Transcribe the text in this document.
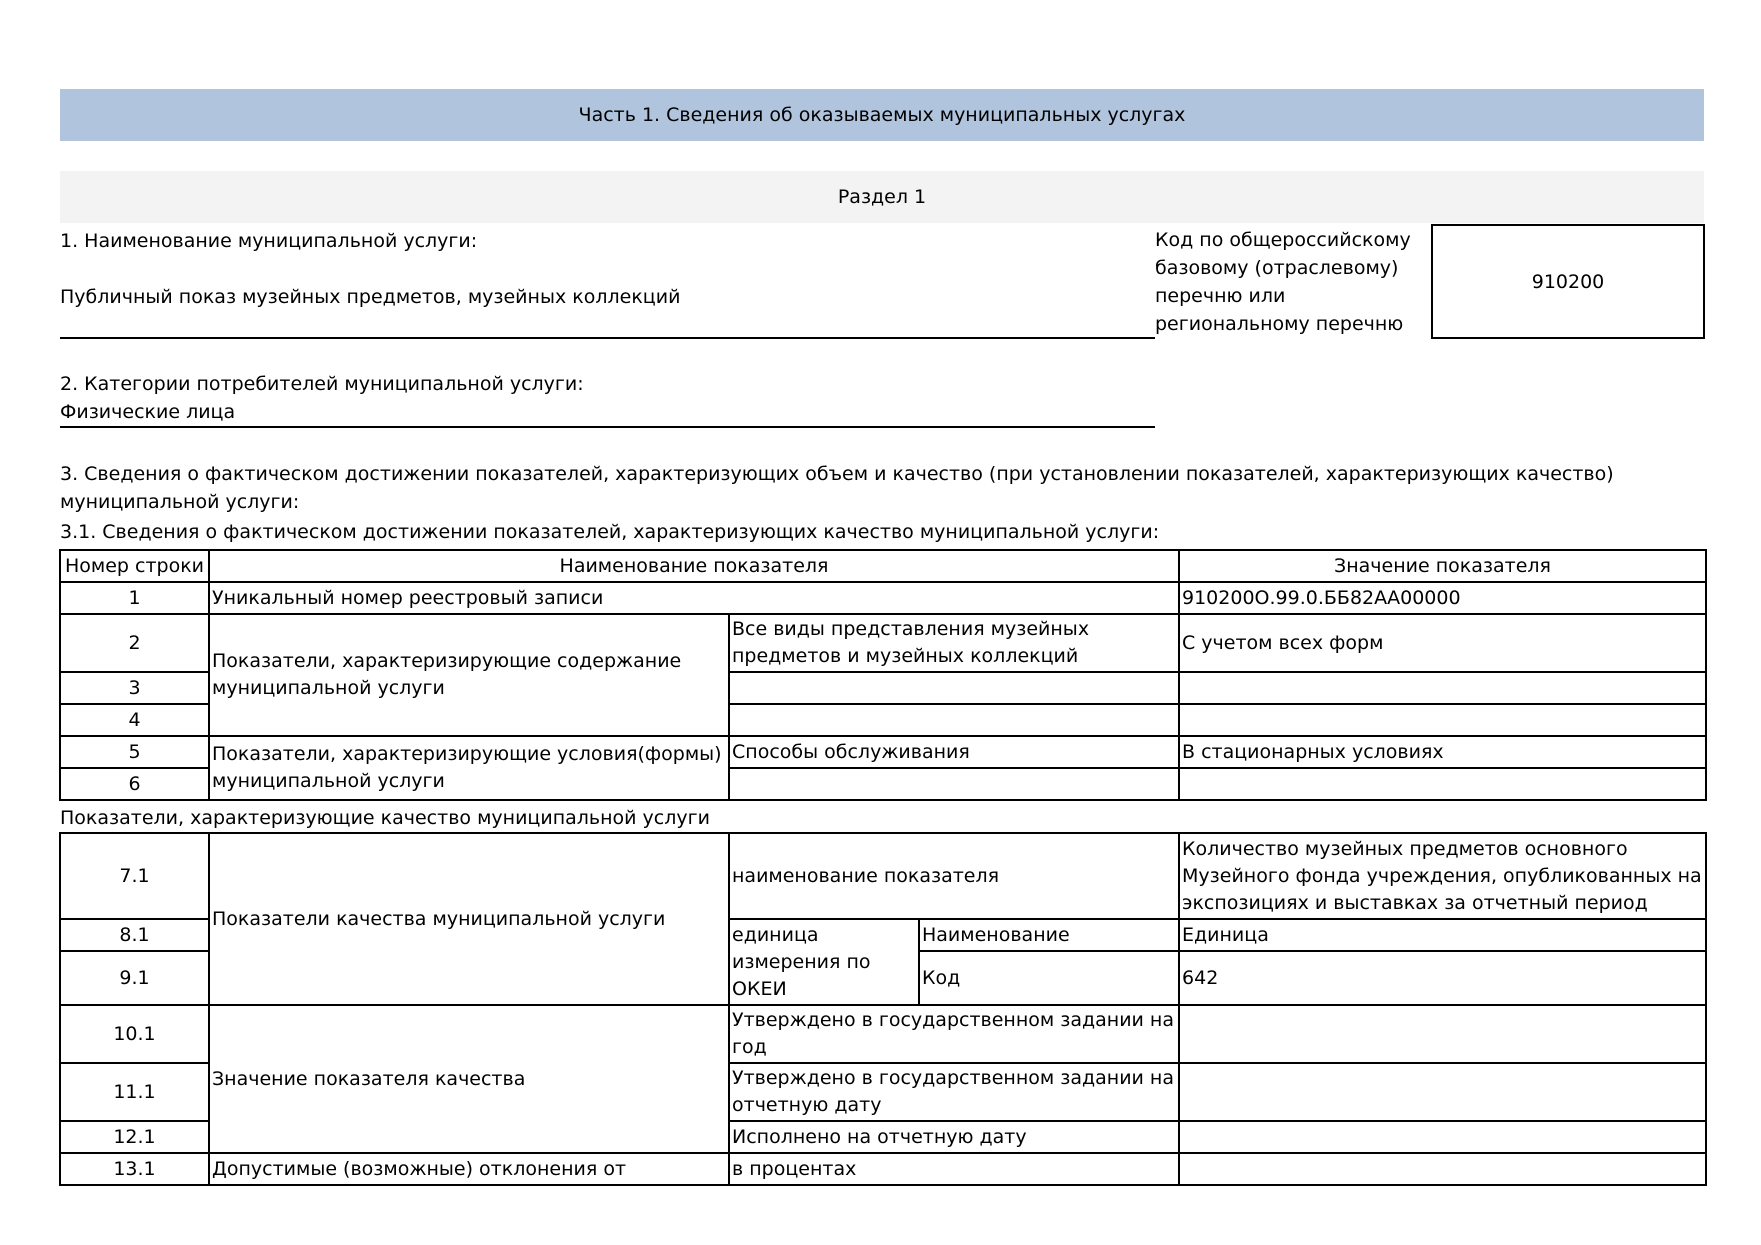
Часть 1. Сведения об оказываемых муниципальных услугах
Раздел 1
1. Наименование муниципальной услуги:
Публичный показ музейных предметов, музейных коллекций
Код по общероссийскому базовому (отраслевому) перечню или региональному перечню
910200
2. Категории потребителей муниципальной услуги:
Физические лица
3. Сведения о фактическом достижении показателей, характеризующих объем и качество (при установлении показателей, характеризующих качество)
муниципальной услуги:
3.1. Сведения о фактическом достижении показателей, характеризующих качество муниципальной услуги:
Номер строки	Наименование показателя		Значение показателя
1	Уникальный номер реестровый записи		910200О.99.0.ББ82АА00000
2	Показатели, характеризирующие содержание муниципальной услуги	Все виды представления музейных предметов и музейных коллекций	С учетом всех форм
3			
4			
5	Показатели, характеризирующие условия(формы) муниципальной услуги	Способы обслуживания	В стационарных условиях
6			
Показатели, характеризующие качество муниципальной услуги
7.1	Показатели качества муниципальной услуги	наименование показателя		Количество музейных предметов основного Музейного фонда учреждения, опубликованных на экспозициях и выставках за отчетный период
8.1		единица измерения по ОКЕИ	Наименование	Единица
9.1			Код	642
10.1	Значение показателя качества	Утверждено в государственном задании на год		
11.1		Утверждено в государственном задании на отчетную дату		
12.1		Исполнено на отчетную дату		
13.1	Допустимые (возможные) отклонения от	в процентах		
